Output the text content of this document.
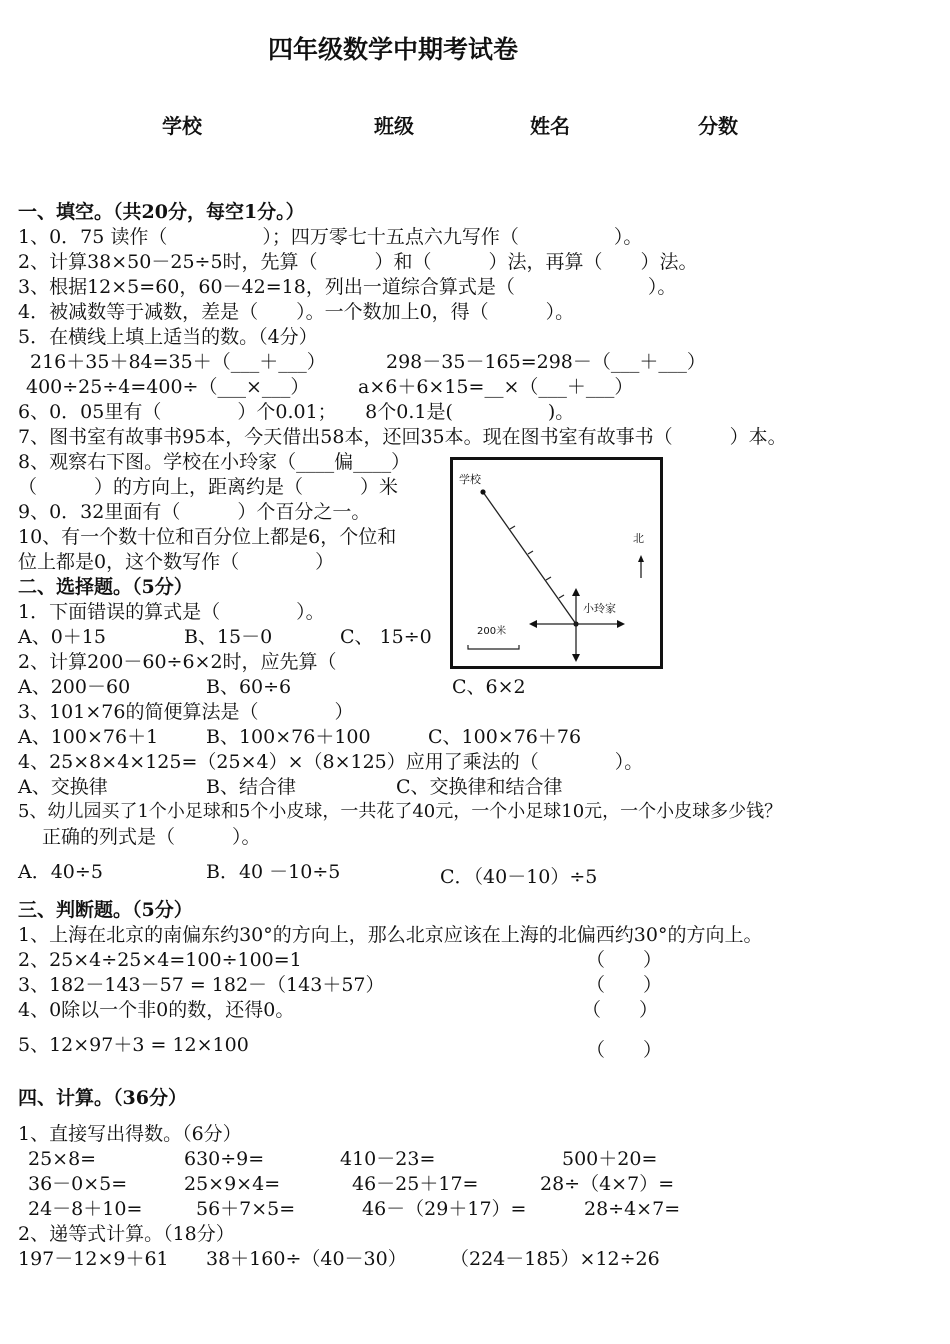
四年级数学中期考试卷
学校	班级	姓名	分数
一、填空。（共20分，每空1分。）
1、0．75 读作（　　　　　）；四万零七十五点六九写作（　　　　　）。
2、计算38×50－25÷5时，先算（　　　）和（　　　）法，再算（　　）法。
3、根据12×5=60，60－42=18，列出一道综合算式是（　　　　　　　）。
4．被减数等于减数，差是（　　）。一个数加上0，得（　　　）。
5．在横线上填上适当的数。（4分）
216＋35＋84=35＋（___＋___）	298－35－165=298－（___＋___）
400÷25÷4=400÷（___×___）	a×6＋6×15=__×（___＋___）
6、0．05里有（　　　　）个0.01；　　8个0.1是(　　　　　)。
7、图书室有故事书95本，今天借出58本，还回35本。现在图书室有故事书（　　　）本。
8、观察右下图。学校在小玲家（____偏____）
（　　　）的方向上，距离约是（　　　）米
9、0．32里面有（　　　）个百分之一。
10、有一个数十位和百分位上都是6，个位和
位上都是0，这个数写作（　　　　）
二、选择题。（5分）
1．下面错误的算式是（　　　　）。
A、0＋15	B、15－0	C、 15÷0
2、计算200－60÷6×2时，应先算（
A、200－60	B、60÷6	C、6×2
3、101×76的简便算法是（　　　　）
A、100×76＋1	B、100×76＋100	C、100×76＋76
4、25×8×4×125=（25×4）×（8×125）应用了乘法的（　　　　）。
A、交换律	B、结合律	C、交换律和结合律
5、幼儿园买了1个小足球和5个小皮球，一共花了40元，一个小足球10元，一个小皮球多少钱？
正确的列式是（　　　）。
A．40÷5	B．40 －10÷5	C．（40－10）÷5
三、判断题。（5分）
1、上海在北京的南偏东约30°的方向上，那么北京应该在上海的北偏西约30°的方向上。
2、25×4÷25×4=100÷100=1	（　　）
3、182－143－57 = 182－（143＋57）	（　　）
4、0除以一个非0的数，还得0。	（　　）
5、12×97＋3 = 12×100	（　　）
四、计算。（36分）
1、直接写出得数。（6分）
25×8=	630÷9=	410－23=	500＋20=
36－0×5=	25×9×4=	46－25＋17=	28÷（4×7）=
24－8＋10=	56＋7×5=	46－（29＋17）=	28÷4×7=
2、递等式计算。（18分）
197－12×9＋61 38＋160÷（40－30） （224－185）×12÷26
学校
小玲家
北
200米
